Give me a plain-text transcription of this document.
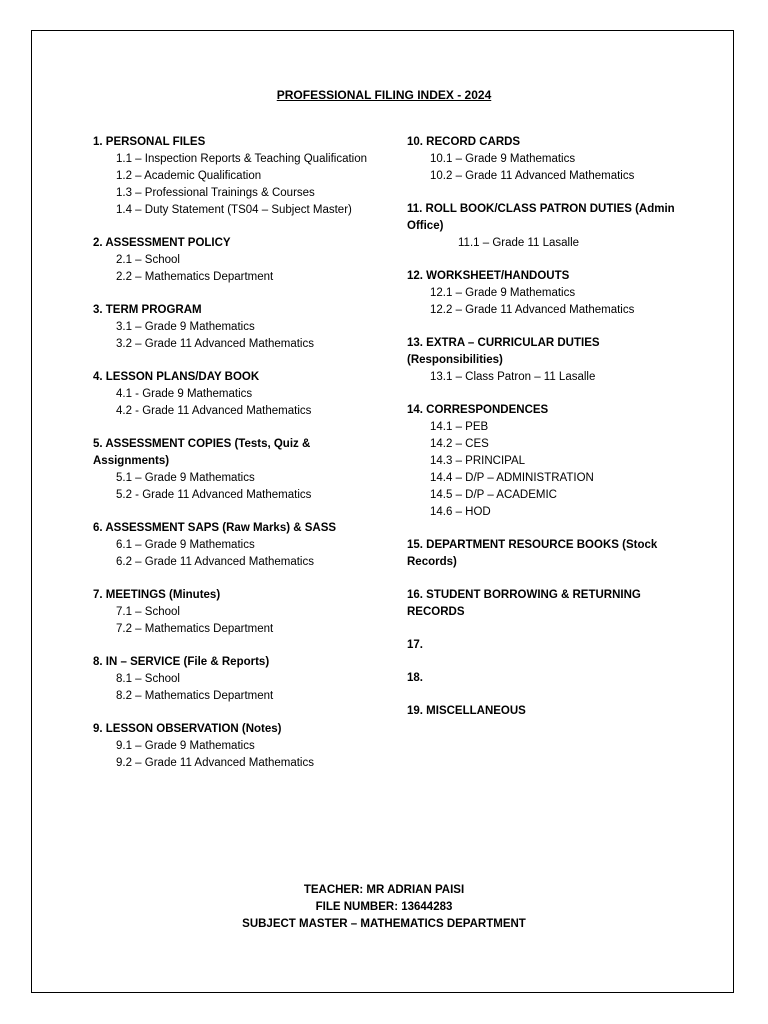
PROFESSIONAL FILING INDEX - 2024
1. PERSONAL FILES
1.1 – Inspection Reports & Teaching Qualification
1.2 – Academic Qualification
1.3 – Professional Trainings & Courses
1.4 – Duty Statement (TS04 – Subject Master)
2. ASSESSMENT POLICY
2.1 – School
2.2 – Mathematics Department
3. TERM PROGRAM
3.1 – Grade 9 Mathematics
3.2 – Grade 11 Advanced Mathematics
4. LESSON PLANS/DAY BOOK
4.1 - Grade 9 Mathematics
4.2 - Grade 11 Advanced Mathematics
5. ASSESSMENT COPIES (Tests, Quiz & Assignments)
5.1 – Grade 9 Mathematics
5.2 - Grade 11 Advanced Mathematics
6. ASSESSMENT SAPS (Raw Marks) & SASS
6.1 – Grade 9 Mathematics
6.2 – Grade 11 Advanced Mathematics
7. MEETINGS (Minutes)
7.1 – School
7.2 – Mathematics Department
8. IN – SERVICE (File & Reports)
8.1 – School
8.2 – Mathematics Department
9. LESSON OBSERVATION (Notes)
9.1 – Grade 9 Mathematics
9.2 – Grade 11 Advanced Mathematics
10. RECORD CARDS
10.1 – Grade 9 Mathematics
10.2 – Grade 11 Advanced Mathematics
11. ROLL BOOK/CLASS PATRON DUTIES (Admin Office)
11.1 – Grade 11 Lasalle
12. WORKSHEET/HANDOUTS
12.1 – Grade 9 Mathematics
12.2 – Grade 11 Advanced Mathematics
13. EXTRA – CURRICULAR DUTIES (Responsibilities)
13.1 – Class Patron – 11 Lasalle
14. CORRESPONDENCES
14.1 – PEB
14.2 – CES
14.3 – PRINCIPAL
14.4 – D/P – ADMINISTRATION
14.5 – D/P – ACADEMIC
14.6 – HOD
15. DEPARTMENT RESOURCE BOOKS (Stock Records)
16. STUDENT BORROWING & RETURNING RECORDS
17.
18.
19. MISCELLANEOUS
TEACHER: MR ADRIAN PAISI
FILE NUMBER: 13644283
SUBJECT MASTER – MATHEMATICS DEPARTMENT
